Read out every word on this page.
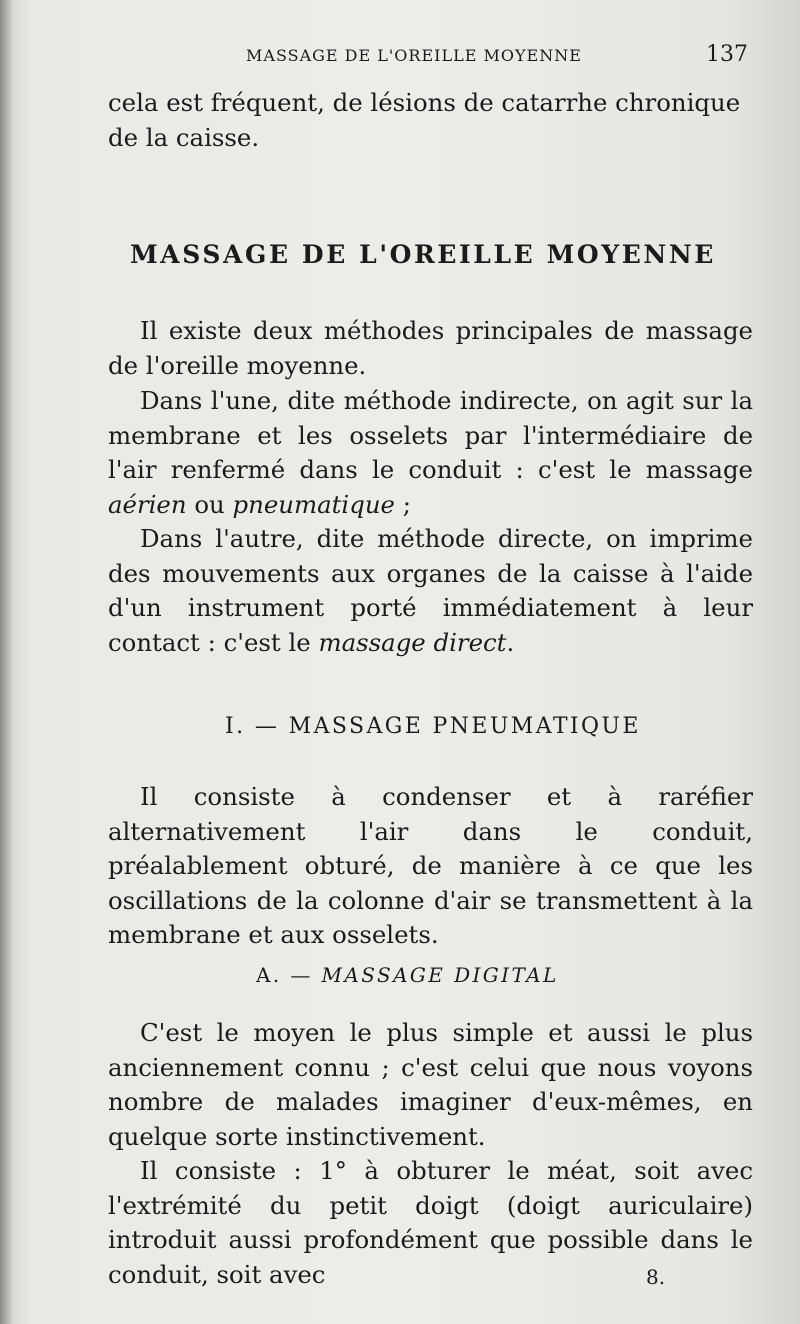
MASSAGE DE L'OREILLE MOYENNE	137

cela est fréquent, de lésions de catarrhe chronique
de la caisse.

MASSAGE DE L'OREILLE MOYENNE

Il existe deux méthodes principales de massage de l'oreille moyenne.

Dans l'une, dite méthode indirecte, on agit sur la membrane et les osselets par l'intermédiaire de l'air renfermé dans le conduit : c'est le massage aérien ou pneumatique ;

Dans l'autre, dite méthode directe, on imprime des mouvements aux organes de la caisse à l'aide d'un instrument porté immédiatement à leur contact : c'est le massage direct.

I. — MASSAGE PNEUMATIQUE

Il consiste à condenser et à raréfier alternativement l'air dans le conduit, préalablement obturé, de manière à ce que les oscillations de la colonne d'air se transmettent à la membrane et aux osselets.

A. — MASSAGE DIGITAL

C'est le moyen le plus simple et aussi le plus anciennement connu ; c'est celui que nous voyons nombre de malades imaginer d'eux-mêmes, en quelque sorte instinctivement.

Il consiste : 1° à obturer le méat, soit avec l'extrémité du petit doigt (doigt auriculaire) introduit aussi profondément que possible dans le conduit, soit avec	8.
